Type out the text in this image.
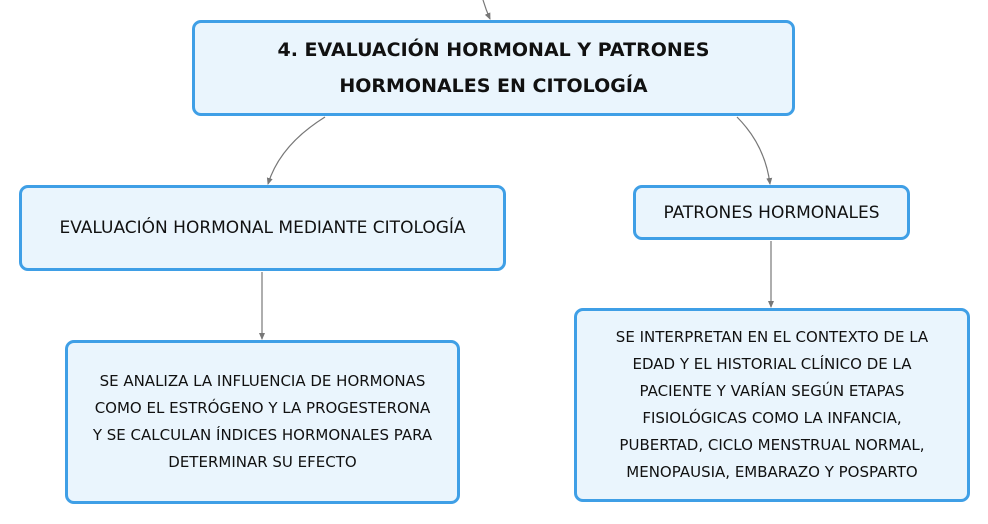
4. EVALUACIÓN HORMONAL Y PATRONES
HORMONALES EN CITOLOGÍA
EVALUACIÓN HORMONAL MEDIANTE CITOLOGÍA
PATRONES HORMONALES
SE ANALIZA LA INFLUENCIA DE HORMONAS
COMO EL ESTRÓGENO Y LA PROGESTERONA
Y SE CALCULAN ÍNDICES HORMONALES PARA
DETERMINAR SU EFECTO
SE INTERPRETAN EN EL CONTEXTO DE LA
EDAD Y EL HISTORIAL CLÍNICO DE LA
PACIENTE Y VARÍAN SEGÚN ETAPAS
FISIOLÓGICAS COMO LA INFANCIA,
PUBERTAD, CICLO MENSTRUAL NORMAL,
MENOPAUSIA, EMBARAZO Y POSPARTO
